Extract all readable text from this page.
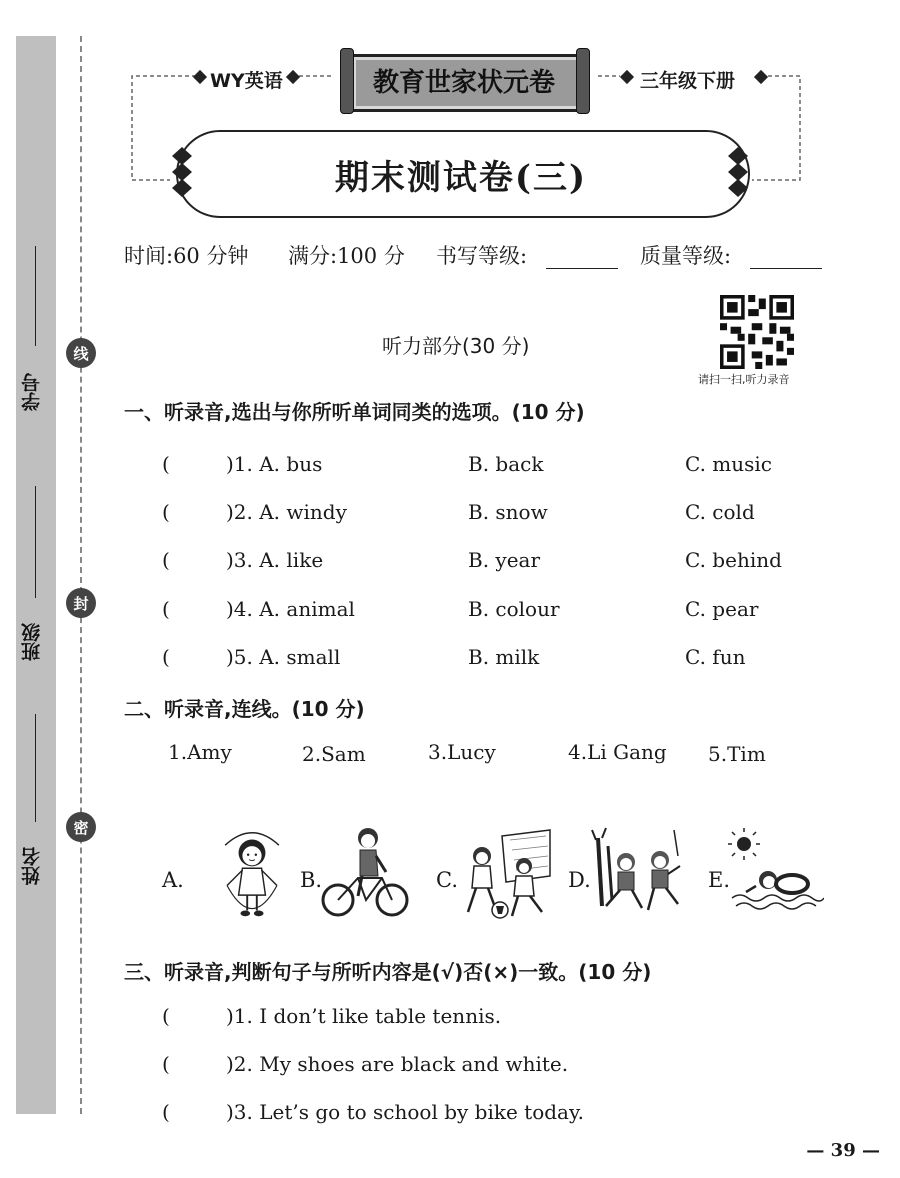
学号
班级
姓名
线
封
密
WY英语	三年级下册
教育世家状元卷
期末测试卷(三)
时间:60 分钟 满分:100 分 书写等级:	质量等级:
听力部分(30 分)
请扫一扫,听力录音
一、听录音,选出与你所听单词同类的选项。(10 分)
(	)1. A. bus	B. back	C. music
(	)2. A. windy	B. snow	C. cold
(	)3. A. like	B. year	C. behind
(	)4. A. animal	B. colour	C. pear
(	)5. A. small	B. milk	C. fun
二、听录音,连线。(10 分)
1.Amy	2.Sam	3.Lucy	4.Li Gang 5.Tim
A.	B.	C.	D.	E.
三、听录音,判断句子与所听内容是(√)否(×)一致。(10 分)
(	)1. I don’t like table tennis.
(	)2. My shoes are black and white.
(	)3. Let’s go to school by bike today.
— 39 —
